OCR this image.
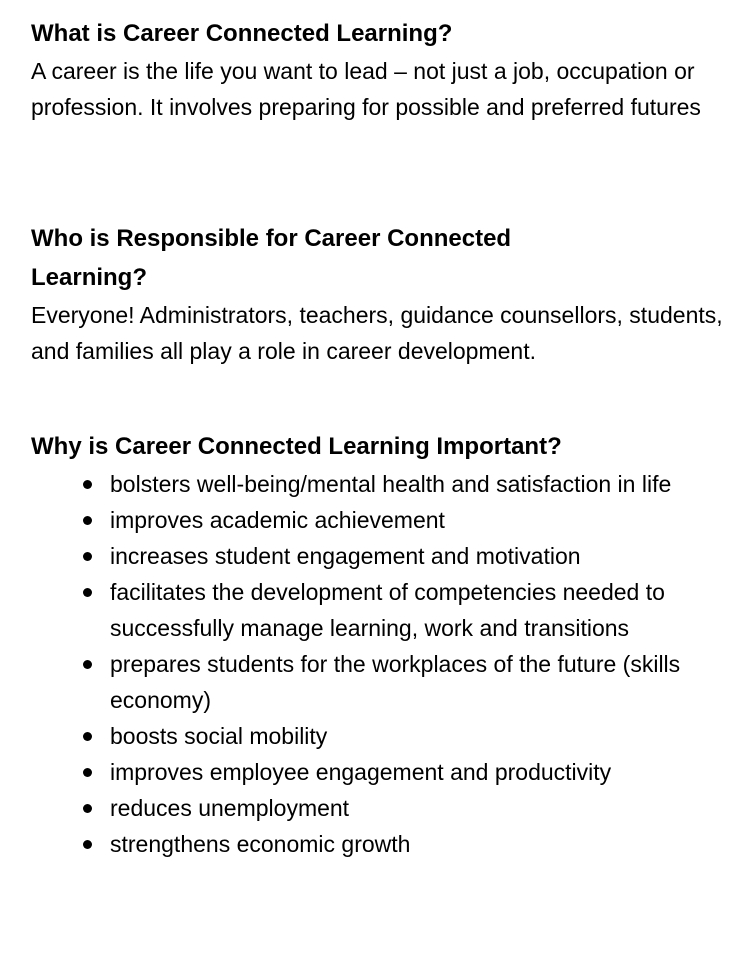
What is Career Connected Learning?

A career is the life you want to lead – not just a job, occupation or profession. It involves preparing for possible and preferred futures

Who is Responsible for Career Connected Learning?

Everyone! Administrators, teachers, guidance counsellors, students, and families all play a role in career development.

Why is Career Connected Learning Important?
bolsters well-being/mental health and satisfaction in life
improves academic achievement
increases student engagement and motivation
facilitates the development of competencies needed to successfully manage learning, work and transitions
prepares students for the workplaces of the future (skills economy)
boosts social mobility
improves employee engagement and productivity
reduces unemployment
strengthens economic growth
